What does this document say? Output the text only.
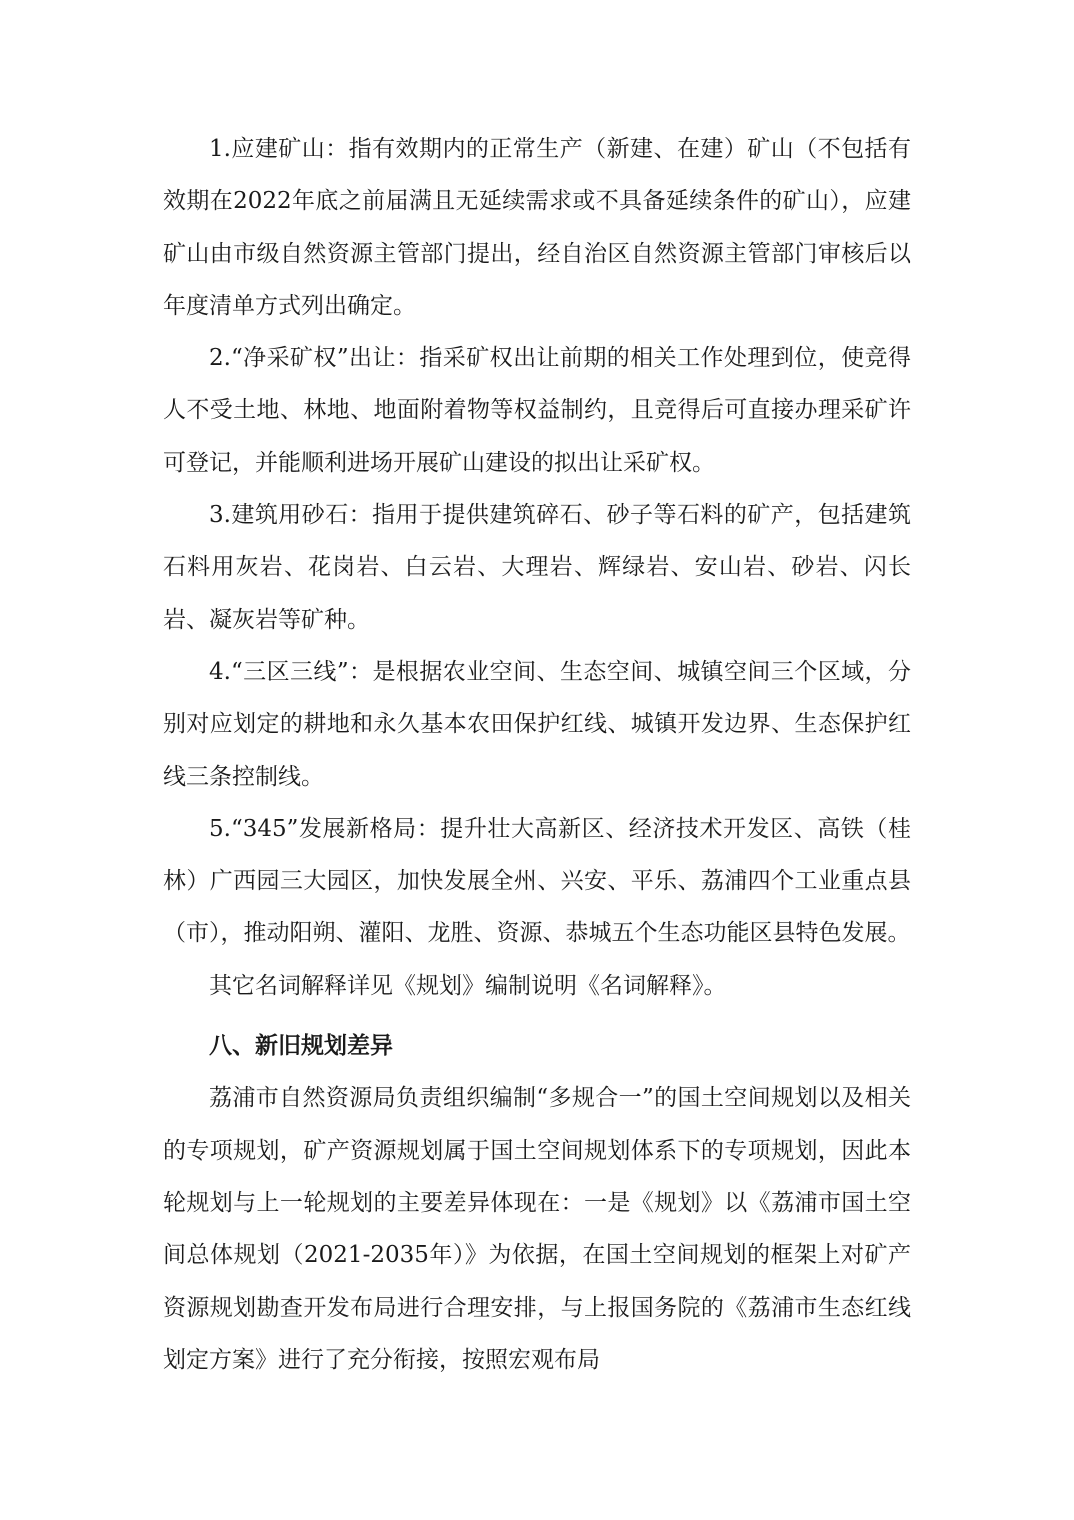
1.应建矿山：指有效期内的正常生产（新建、在建）矿山（不包括有效期在2022年底之前届满且无延续需求或不具备延续条件的矿山），应建矿山由市级自然资源主管部门提出，经自治区自然资源主管部门审核后以年度清单方式列出确定。

2.“净采矿权”出让：指采矿权出让前期的相关工作处理到位，使竞得人不受土地、林地、地面附着物等权益制约，且竞得后可直接办理采矿许可登记，并能顺利进场开展矿山建设的拟出让采矿权。

3.建筑用砂石：指用于提供建筑碎石、砂子等石料的矿产，包括建筑石料用灰岩、花岗岩、白云岩、大理岩、辉绿岩、安山岩、砂岩、闪长岩、凝灰岩等矿种。

4.“三区三线”：是根据农业空间、生态空间、城镇空间三个区域，分别对应划定的耕地和永久基本农田保护红线、城镇开发边界、生态保护红线三条控制线。

5.“345”发展新格局：提升壮大高新区、经济技术开发区、高铁（桂林）广西园三大园区，加快发展全州、兴安、平乐、荔浦四个工业重点县（市），推动阳朔、灌阳、龙胜、资源、恭城五个生态功能区县特色发展。

其它名词解释详见《规划》编制说明《名词解释》。

八、新旧规划差异

荔浦市自然资源局负责组织编制“多规合一”的国土空间规划以及相关的专项规划，矿产资源规划属于国土空间规划体系下的专项规划，因此本轮规划与上一轮规划的主要差异体现在：一是《规划》以《荔浦市国土空间总体规划（2021-2035年）》为依据，在国土空间规划的框架上对矿产资源规划勘查开发布局进行合理安排，与上报国务院的《荔浦市生态红线划定方案》进行了充分衔接，按照宏观布局
